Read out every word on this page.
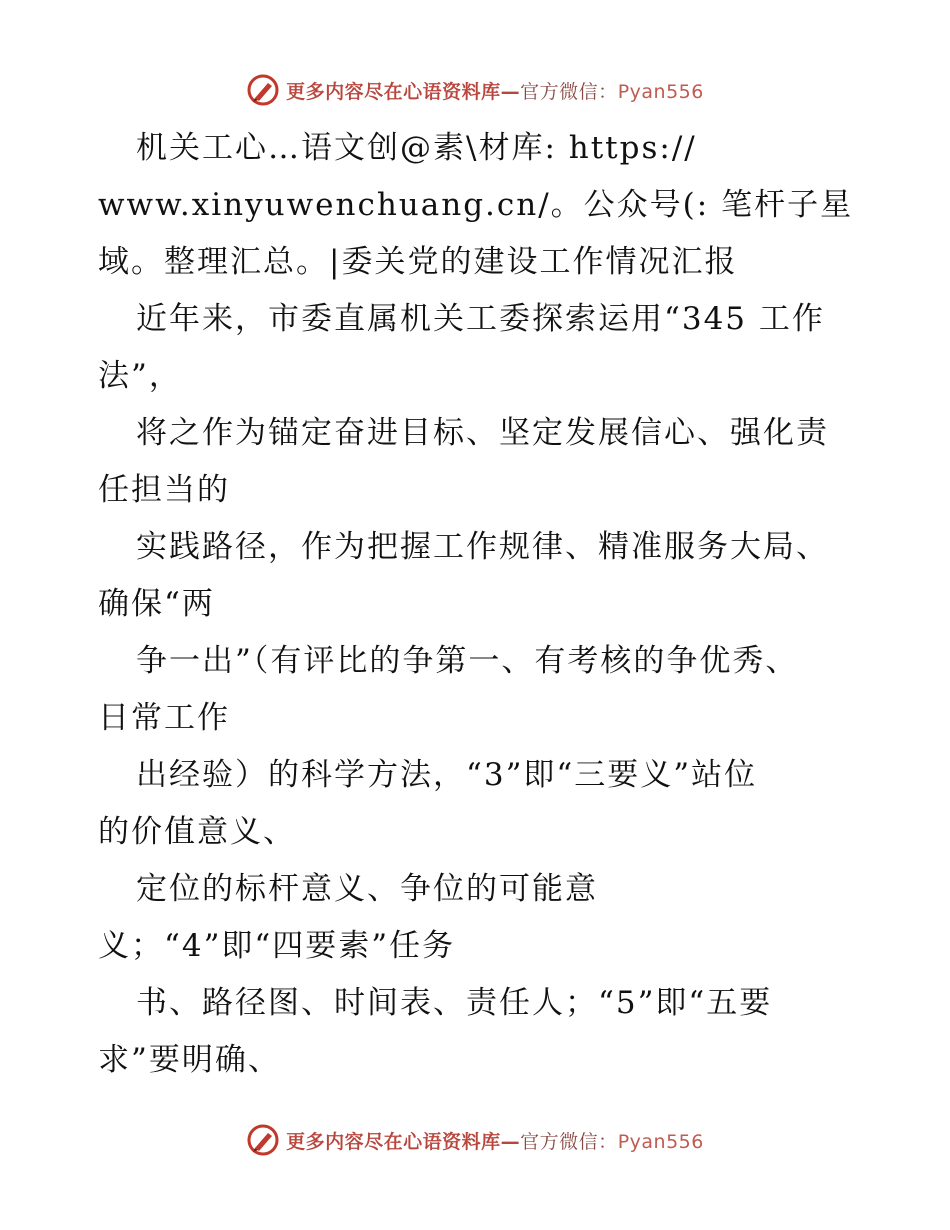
更多内容尽在心语资料库—官方微信：Pyan556
机关工心…语文创@素\材库: https://
www.xinyuwenchuang.cn/。公众号(: 笔杆子星
域。整理汇总。|委关党的建设工作情况汇报
近年来，市委直属机关工委探索运用“345 工作
法”，
将之作为锚定奋进目标、坚定发展信心、强化责
任担当的
实践路径，作为把握工作规律、精准服务大局、
确保“两
争一出”（有评比的争第一、有考核的争优秀、
日常工作
出经验）的科学方法，“3”即“三要义”站位
的价值意义、
定位的标杆意义、争位的可能意
义；“4”即“四要素”任务
书、路径图、时间表、责任人；“5”即“五要
求”要明确、
更多内容尽在心语资料库—官方微信：Pyan556
